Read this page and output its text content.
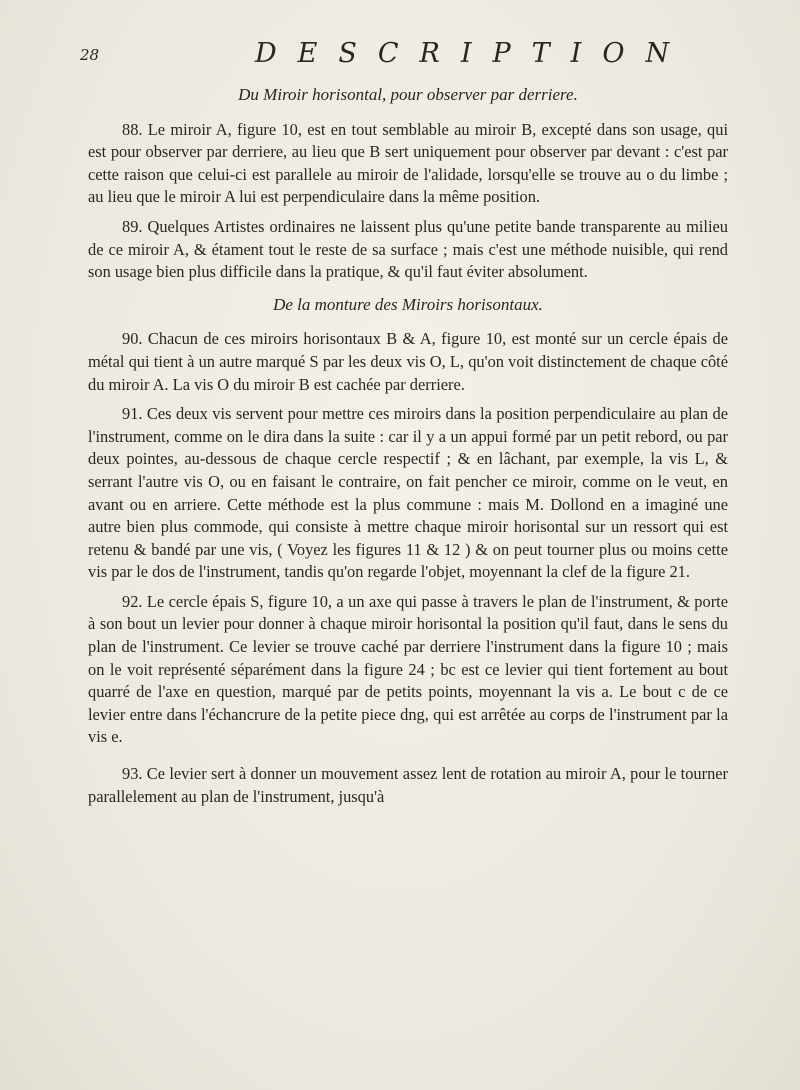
28	DESCRIPTION
Du Miroir horisontal, pour observer par derriere.

88. Le miroir A, figure 10, est en tout semblable au miroir B, excepté dans son usage, qui est pour observer par derriere, au lieu que B sert uniquement pour observer par devant : c'est par cette raison que celui-ci est parallele au miroir de l'alidade, lorsqu'elle se trouve au o du limbe ; au lieu que le miroir A lui est perpendiculaire dans la même position.

89. Quelques Artistes ordinaires ne laissent plus qu'une petite bande transparente au milieu de ce miroir A, & étament tout le reste de sa surface ; mais c'est une méthode nuisible, qui rend son usage bien plus difficile dans la pratique, & qu'il faut éviter absolument.

De la monture des Miroirs horisontaux.

90. Chacun de ces miroirs horisontaux B & A, figure 10, est monté sur un cercle épais de métal qui tient à un autre marqué S par les deux vis O, L, qu'on voit distinctement de chaque côté du miroir A. La vis O du miroir B est cachée par derriere.

91. Ces deux vis servent pour mettre ces miroirs dans la position perpendiculaire au plan de l'instrument, comme on le dira dans la suite : car il y a un appui formé par un petit rebord, ou par deux pointes, au-dessous de chaque cercle respectif ; & en lâchant, par exemple, la vis L, & serrant l'autre vis O, ou en faisant le contraire, on fait pencher ce miroir, comme on le veut, en avant ou en arriere. Cette méthode est la plus commune : mais M. Dollond en a imaginé une autre bien plus commode, qui consiste à mettre chaque miroir horisontal sur un ressort qui est retenu & bandé par une vis, ( Voyez les figures 11 & 12 ) & on peut tourner plus ou moins cette vis par le dos de l'instrument, tandis qu'on regarde l'objet, moyennant la clef de la figure 21.

92. Le cercle épais S, figure 10, a un axe qui passe à travers le plan de l'instrument, & porte à son bout un levier pour donner à chaque miroir horisontal la position qu'il faut, dans le sens du plan de l'instrument. Ce levier se trouve caché par derriere l'instrument dans la figure 10 ; mais on le voit représenté séparément dans la figure 24 ; bc est ce levier qui tient fortement au bout quarré de l'axe en question, marqué par de petits points, moyennant la vis a. Le bout c de ce levier entre dans l'échancrure de la petite piece dng, qui est arrêtée au corps de l'instrument par la vis e.

93. Ce levier sert à donner un mouvement assez lent de rotation au miroir A, pour le tourner parallelement au plan de l'instrument, jusqu'à
